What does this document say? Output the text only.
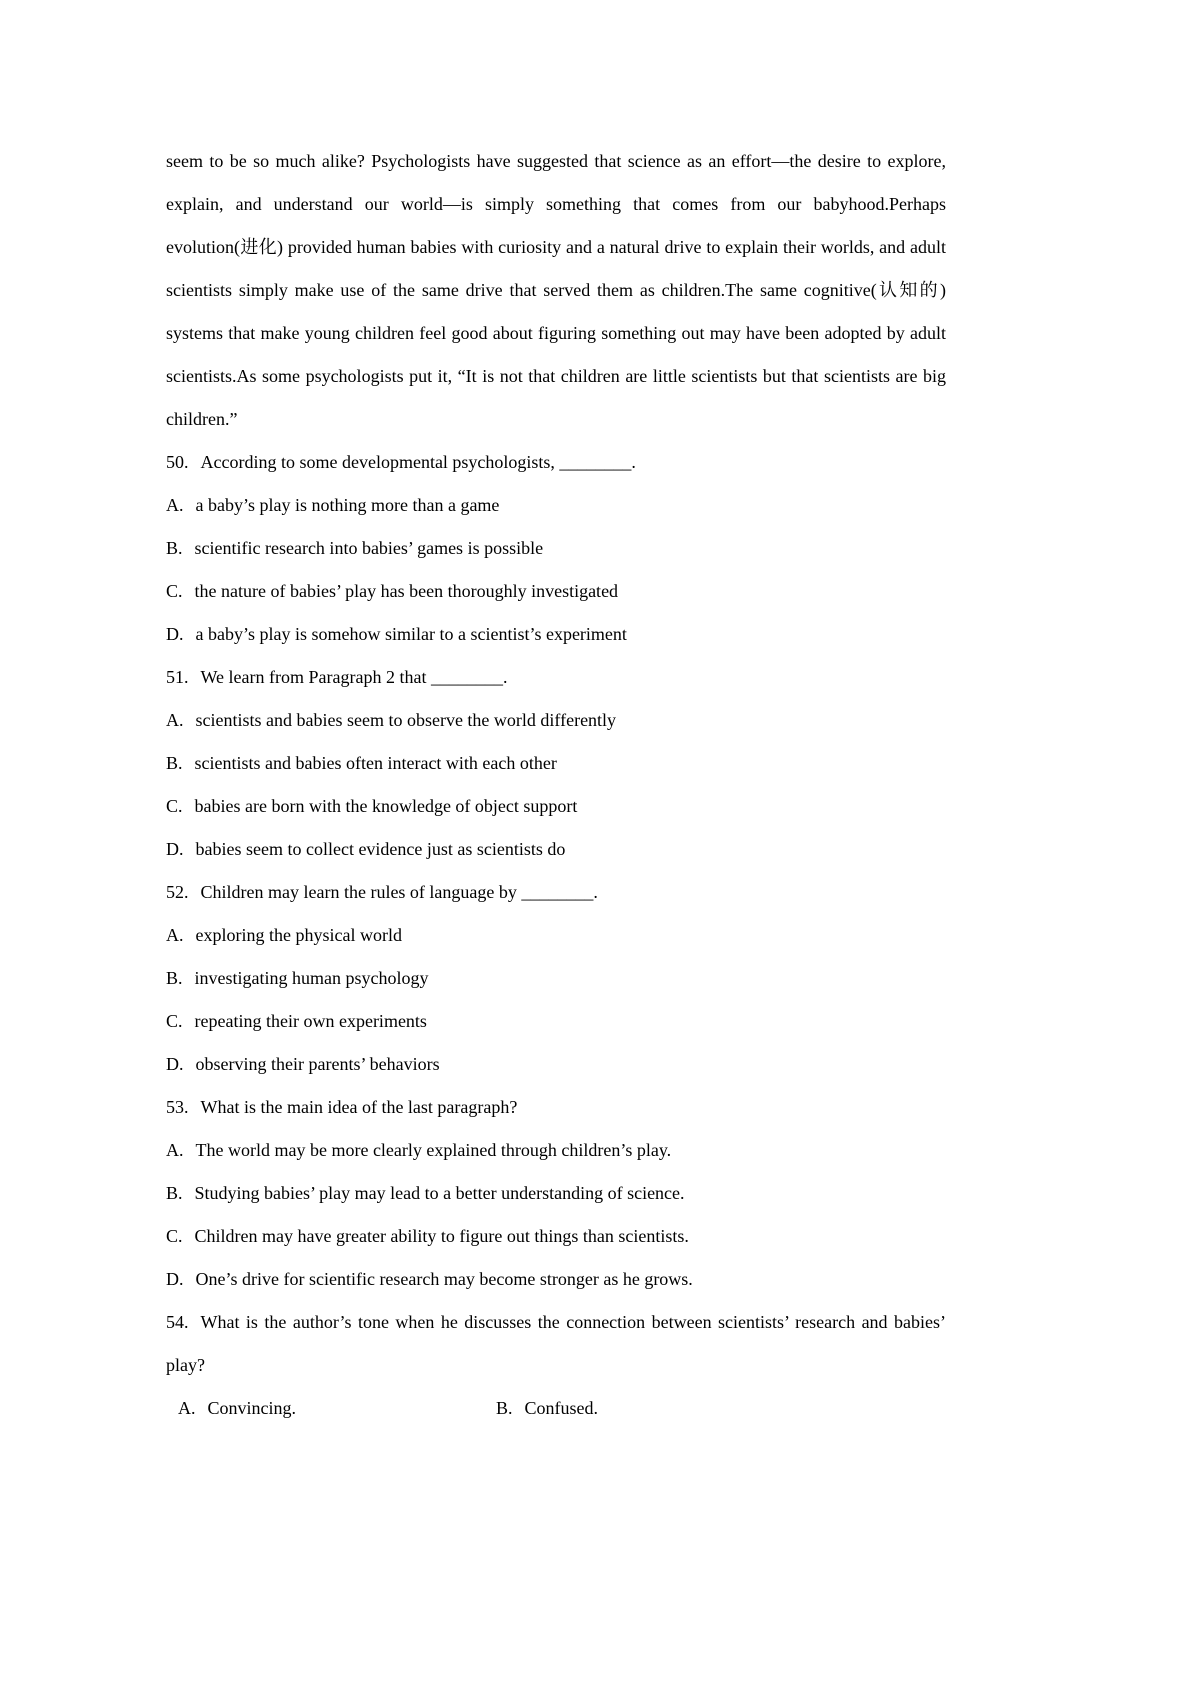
seem to be so much alike? Psychologists have suggested that science as an effort—the desire to explore, explain, and understand our world—is simply something that comes from our babyhood.Perhaps evolution(进化) provided human babies with curiosity and a natural drive to explain their worlds, and adult scientists simply make use of the same drive that served them as children.The same cognitive(认知的) systems that make young children feel good about figuring something out may have been adopted by adult scientists.As some psychologists put it, “It is not that children are little scientists but that scientists are big children.”

50. According to some developmental psychologists, ________.

A. a baby’s play is nothing more than a game

B. scientific research into babies’ games is possible

C. the nature of babies’ play has been thoroughly investigated

D. a baby’s play is somehow similar to a scientist’s experiment

51. We learn from Paragraph 2 that ________.

A. scientists and babies seem to observe the world differently

B. scientists and babies often interact with each other

C. babies are born with the knowledge of object support

D. babies seem to collect evidence just as scientists do

52. Children may learn the rules of language by ________.

A. exploring the physical world

B. investigating human psychology

C. repeating their own experiments

D. observing their parents’ behaviors

53. What is the main idea of the last paragraph?

A. The world may be more clearly explained through children’s play.

B. Studying babies’ play may lead to a better understanding of science.

C. Children may have greater ability to figure out things than scientists.

D. One’s drive for scientific research may become stronger as he grows.

54. What is the author’s tone when he discusses the connection between scientists’ research and babies’ play?

A. Convincing.	B. Confused.
